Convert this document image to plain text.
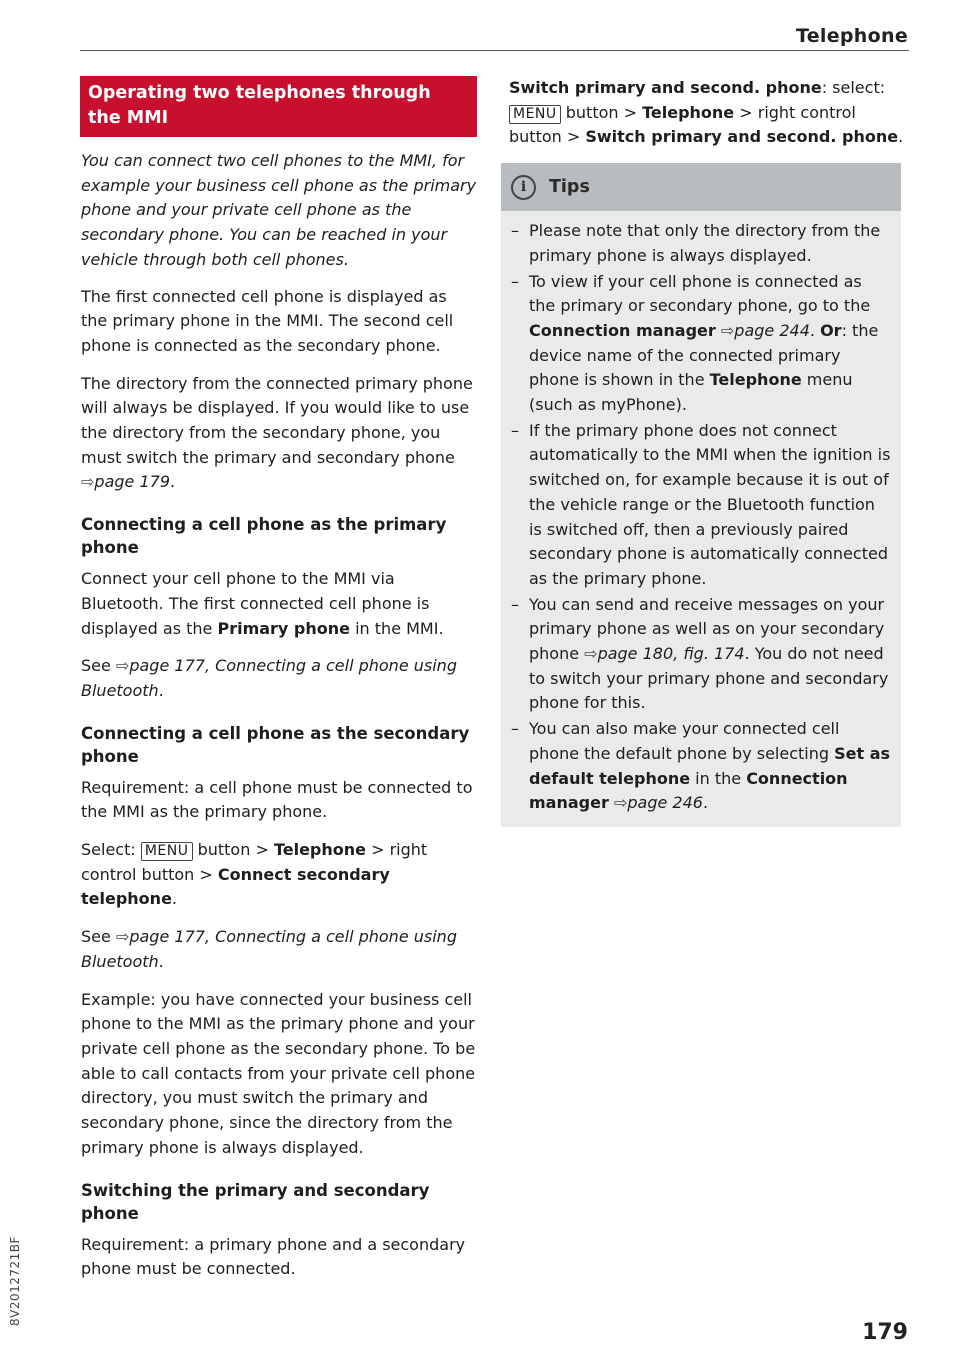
Telephone
Operating two telephones through the MMI

You can connect two cell phones to the MMI, for example your business cell phone as the primary phone and your private cell phone as the secondary phone. You can be reached in your vehicle through both cell phones.

The first connected cell phone is displayed as the primary phone in the MMI. The second cell phone is connected as the secondary phone.

The directory from the connected primary phone will always be displayed. If you would like to use the directory from the secondary phone, you must switch the primary and secondary phone ⇨page 179.

Connecting a cell phone as the primary phone

Connect your cell phone to the MMI via Bluetooth. The first connected cell phone is displayed as the Primary phone in the MMI.

See ⇨page 177, Connecting a cell phone using Bluetooth.

Connecting a cell phone as the secondary phone

Requirement: a cell phone must be connected to the MMI as the primary phone.

Select: MENU button > Telephone > right control button > Connect secondary telephone.

See ⇨page 177, Connecting a cell phone using Bluetooth.

Example: you have connected your business cell phone to the MMI as the primary phone and your private cell phone as the secondary phone. To be able to call contacts from your private cell phone directory, you must switch the primary and secondary phone, since the directory from the primary phone is always displayed.

Switching the primary and secondary phone

Requirement: a primary phone and a secondary phone must be connected.

Switch primary and second. phone: select: MENU button > Telephone > right control button > Switch primary and second. phone.

i	Tips
– Please note that only the directory from the primary phone is always displayed.
– To view if your cell phone is connected as the primary or secondary phone, go to the Connection manager ⇨page 244. Or: the device name of the connected primary phone is shown in the Telephone menu (such as myPhone).
– If the primary phone does not connect automatically to the MMI when the ignition is switched on, for example because it is out of the vehicle range or the Bluetooth function is switched off, then a previously paired secondary phone is automatically connected as the primary phone.
– You can send and receive messages on your primary phone as well as on your secondary phone ⇨page 180, fig. 174. You do not need to switch your primary phone and secondary phone for this.
– You can also make your connected cell phone the default phone by selecting Set as default telephone in the Connection manager ⇨page 246.
8V2012721BF
179
